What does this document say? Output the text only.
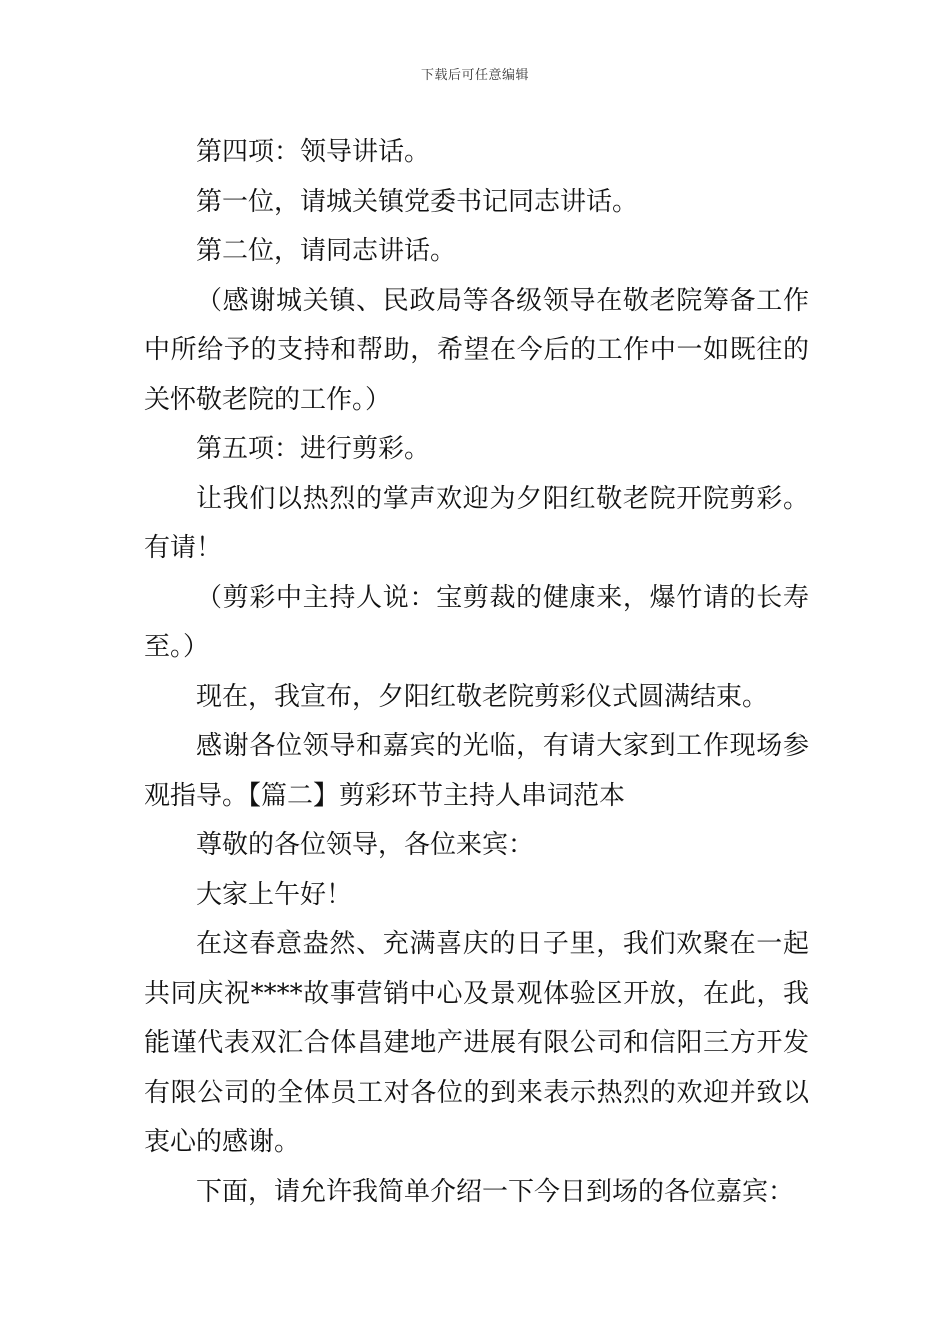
下载后可任意编辑

第四项：领导讲话。

第一位，请城关镇党委书记同志讲话。

第二位，请同志讲话。

（感谢城关镇、民政局等各级领导在敬老院筹备工作中所给予的支持和帮助，希望在今后的工作中一如既往的关怀敬老院的工作。）

第五项：进行剪彩。

让我们以热烈的掌声欢迎为夕阳红敬老院开院剪彩。有请！

（剪彩中主持人说：宝剪裁的健康来，爆竹请的长寿至。）

现在，我宣布，夕阳红敬老院剪彩仪式圆满结束。

感谢各位领导和嘉宾的光临，有请大家到工作现场参观指导。【篇二】剪彩环节主持人串词范本

尊敬的各位领导，各位来宾：

大家上午好！

在这春意盎然、充满喜庆的日子里，我们欢聚在一起共同庆祝****故事营销中心及景观体验区开放，在此，我能谨代表双汇合体昌建地产进展有限公司和信阳三方开发有限公司的全体员工对各位的到来表示热烈的欢迎并致以衷心的感谢。

下面，请允许我简单介绍一下今日到场的各位嘉宾：
